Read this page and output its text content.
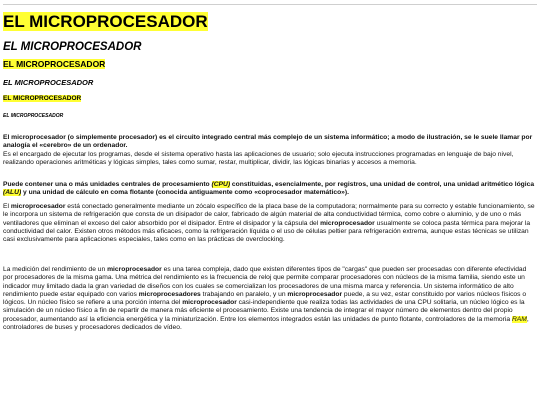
EL MICROPROCESADOR
EL MICROPROCESADOR
EL MICROPROCESADOR
EL MICROPROCESADOR
EL MICROPROCESADOR
EL MICROPROCESADOR

El microprocesador (o simplemente procesador) es el circuito integrado central más complejo de un sistema informático; a modo de ilustración, se le suele llamar por analogía el «cerebro» de un ordenador.
Es el encargado de ejecutar los programas, desde el sistema operativo hasta las aplicaciones de usuario; solo ejecuta instrucciones programadas en lenguaje de bajo nivel, realizando operaciones aritméticas y lógicas simples, tales como sumar, restar, multiplicar, dividir, las lógicas binarias y accesos a memoria.

Puede contener una o más unidades centrales de procesamiento (CPU) constituidas, esencialmente, por registros, una unidad de control, una unidad aritmético lógica (ALU) y una unidad de cálculo en coma flotante (conocida antiguamente como «coprocesador matemático»).

El microprocesador está conectado generalmente mediante un zócalo específico de la placa base de la computadora; normalmente para su correcto y estable funcionamiento, se le incorpora un sistema de refrigeración que consta de un disipador de calor, fabricado de algún material de alta conductividad térmica, como cobre o aluminio, y de uno o más ventiladores que eliminan el exceso del calor absorbido por el disipador. Entre el disipador y la cápsula del microprocesador usualmente se coloca pasta térmica para mejorar la conductividad del calor. Existen otros métodos más eficaces, como la refrigeración líquida o el uso de células peltier para refrigeración extrema, aunque estas técnicas se utilizan casi exclusivamente para aplicaciones especiales, tales como en las prácticas de overclocking.

La medición del rendimiento de un microprocesador es una tarea compleja, dado que existen diferentes tipos de "cargas" que pueden ser procesadas con diferente efectividad por procesadores de la misma gama. Una métrica del rendimiento es la frecuencia de reloj que permite comparar procesadores con núcleos de la misma familia, siendo este un indicador muy limitado dada la gran variedad de diseños con los cuales se comercializan los procesadores de una misma marca y referencia. Un sistema informático de alto rendimiento puede estar equipado con varios microprocesadores trabajando en paralelo, y un microprocesador puede, a su vez, estar constituido por varios núcleos físicos o lógicos. Un núcleo físico se refiere a una porción interna del microprocesador casi-independiente que realiza todas las actividades de una CPU solitaria, un núcleo lógico es la simulación de un núcleo físico a fin de repartir de manera más eficiente el procesamiento. Existe una tendencia de integrar el mayor número de elementos dentro del propio procesador, aumentando así la eficiencia energética y la miniaturización. Entre los elementos integrados están las unidades de punto flotante, controladores de la memoria RAM, controladores de buses y procesadores dedicados de vídeo.
